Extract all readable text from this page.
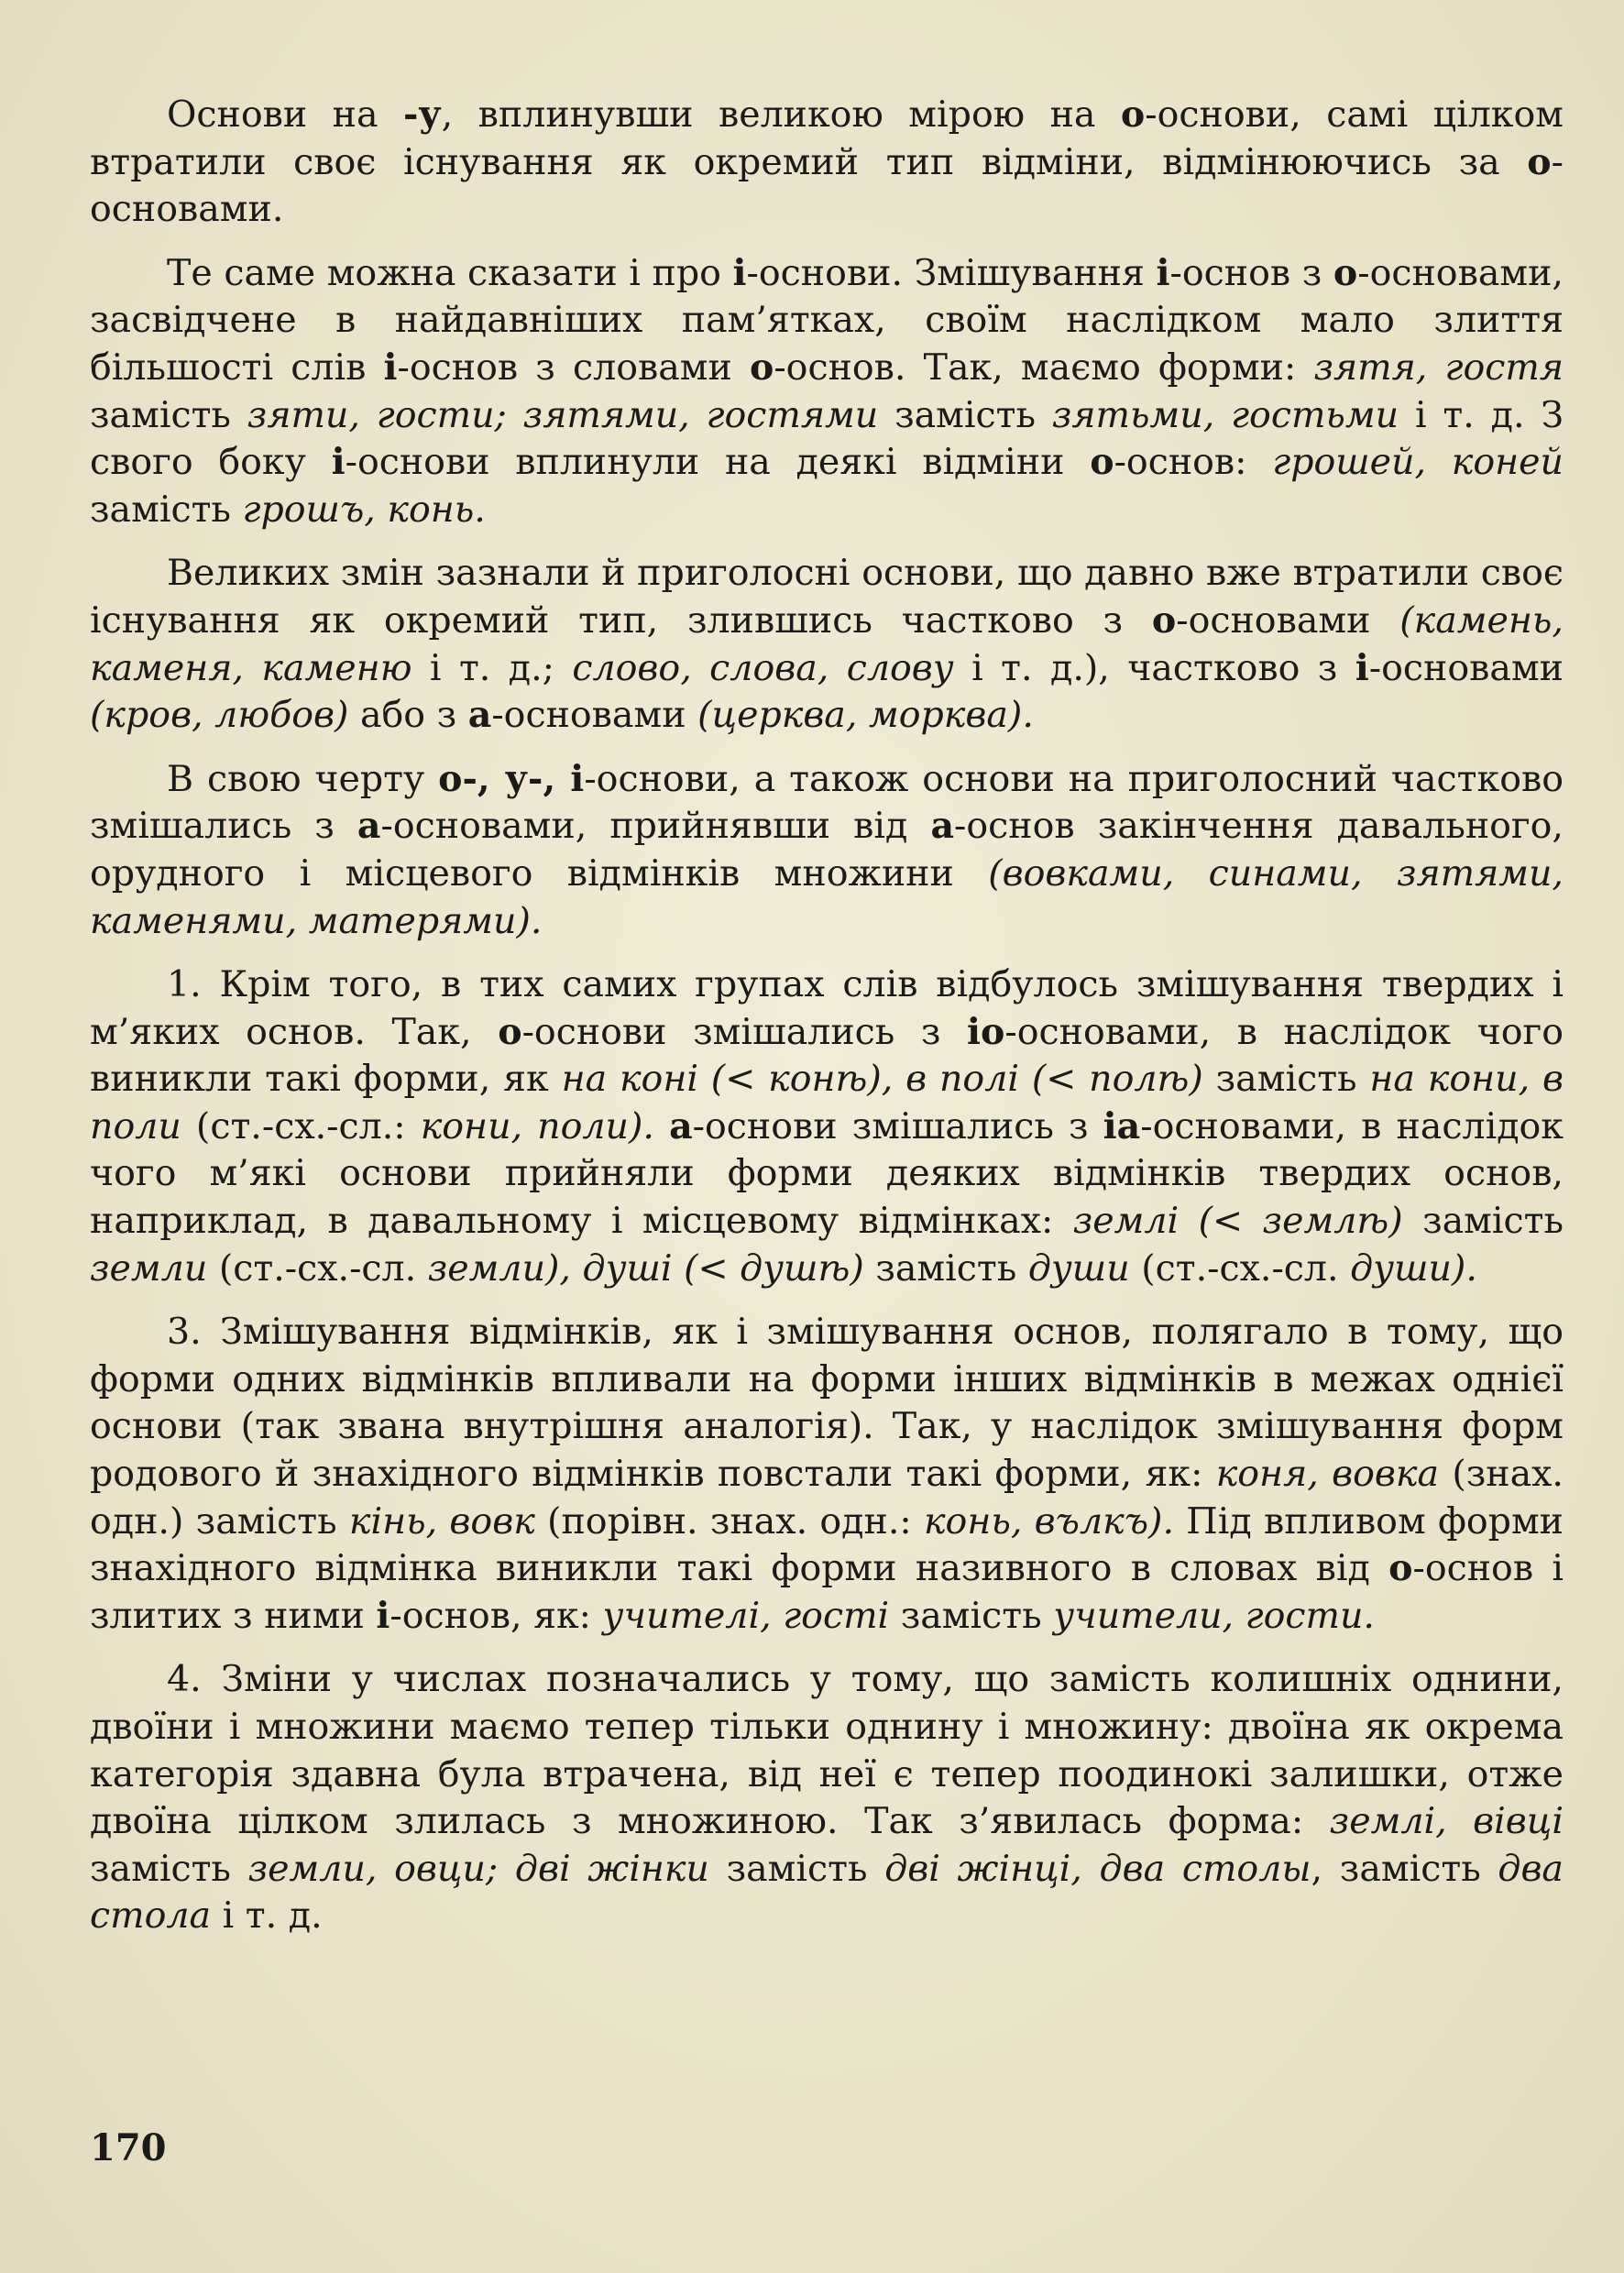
Основи на -у, вплинувши великою мірою на о-основи, самі цілком втратили своє існування як окремий тип відміни, відмінюючись за о-основами.

Те саме можна сказати і про і-основи. Змішування і-основ з о-основами, засвідчене в найдавніших пам’ятках, своїм наслідком мало злиття більшості слів і-основ з словами о-основ. Так, маємо форми: зятя, гостя замість зяти, гости; зятями, гостями замість зятьми, гостьми і т. д. З свого боку і-основи вплинули на деякі відміни о-основ: грошей, коней замість грошъ, конь.

Великих змін зазнали й приголосні основи, що давно вже втратили своє існування як окремий тип, злившись частково з о-основами (камень, каменя, каменю і т. д.; слово, слова, слову і т. д.), частково з і-основами (кров, любов) або з а-основами (церква, морква).

В свою черту о-, у-, і-основи, а також основи на приголосний частково змішались з а-основами, прийнявши від а-основ закінчення давального, орудного і місцевого відмінків множини (вовками, синами, зятями, каменями, матерями).

1. Крім того, в тих самих групах слів відбулось змішування твердих і м’яких основ. Так, о-основи змішались з іо-основами, в наслідок чого виникли такі форми, як на коні (< конѣ), в полі (< полѣ) замість на кони, в поли (ст.-сх.-сл.: кони, поли). а-основи змішались з іа-основами, в наслідок чого м’які основи прийняли форми деяких відмінків твердих основ, наприклад, в давальному і місцевому відмінках: землі (< землѣ) замість земли (ст.-сх.-сл. земли), душі (< душѣ) замість души (ст.-сх.-сл. души).

3. Змішування відмінків, як і змішування основ, полягало в тому, що форми одних відмінків впливали на форми інших відмінків в межах однієї основи (так звана внутрішня аналогія). Так, у наслідок змішування форм родового й знахідного відмінків повстали такі форми, як: коня, вовка (знах. одн.) замість кінь, вовк (порівн. знах. одн.: конь, вълкъ). Під впливом форми знахідного відмінка виникли такі форми називного в словах від о-основ і злитих з ними і-основ, як: учителі, гості замість учители, гости.

4. Зміни у числах позначались у тому, що замість колишніх однини, двоїни і множини маємо тепер тільки однину і множину: двоїна як окрема категорія здавна була втрачена, від неї є тепер поодинокі залишки, отже двоїна цілком злилась з множиною. Так з’явилась форма: землі, вівці замість земли, овци; дві жінки замість дві жінці, два столы, замість два стола і т. д.

170
